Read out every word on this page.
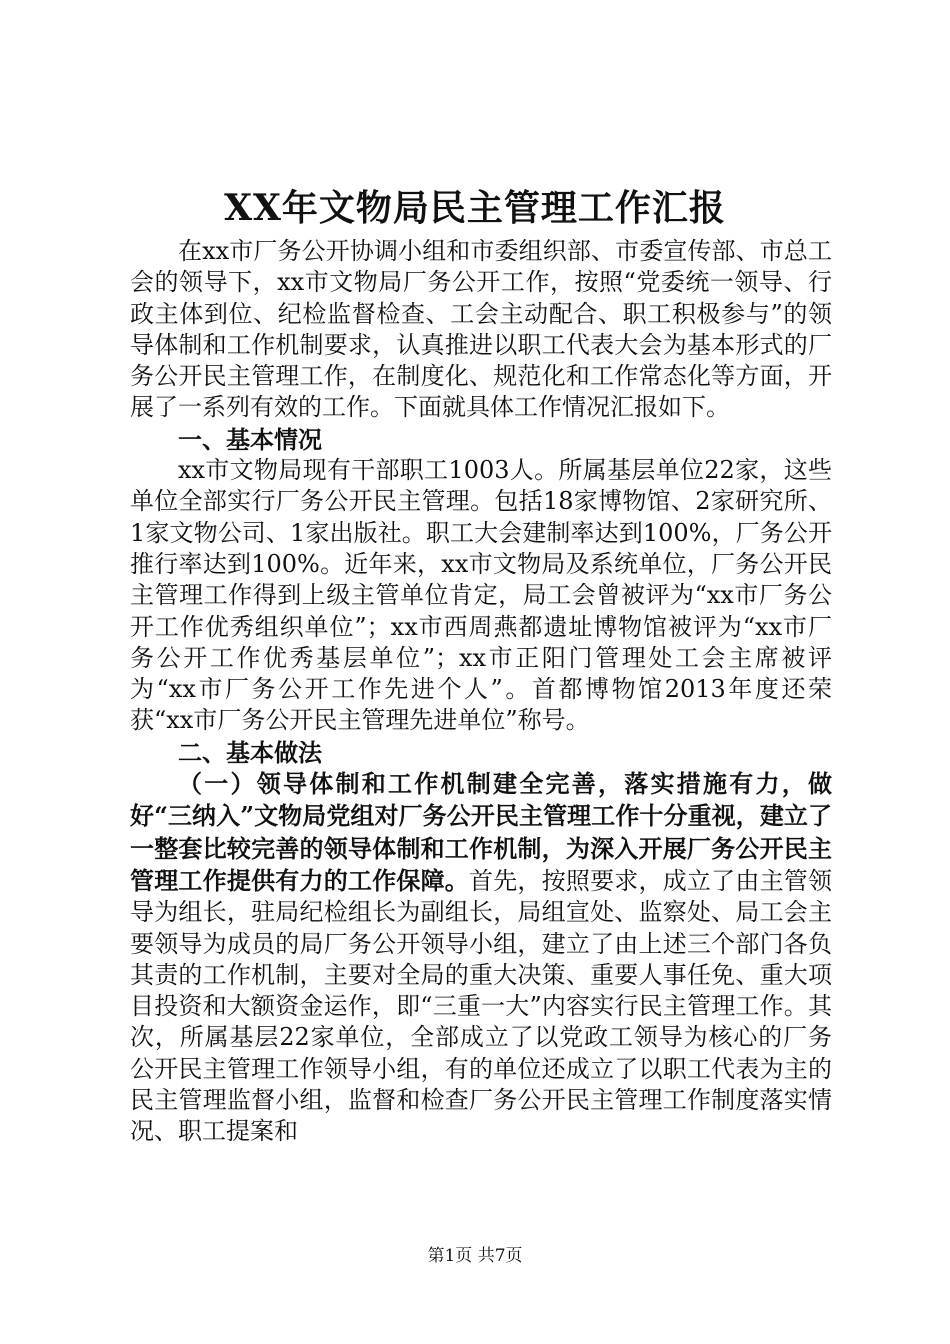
XX年文物局民主管理工作汇报

在xx市厂务公开协调小组和市委组织部、市委宣传部、市总工会的领导下，xx市文物局厂务公开工作，按照“党委统一领导、行政主体到位、纪检监督检查、工会主动配合、职工积极参与”的领导体制和工作机制要求，认真推进以职工代表大会为基本形式的厂务公开民主管理工作，在制度化、规范化和工作常态化等方面，开展了一系列有效的工作。下面就具体工作情况汇报如下。

一、基本情况

xx市文物局现有干部职工1003人。所属基层单位22家，这些单位全部实行厂务公开民主管理。包括18家博物馆、2家研究所、1家文物公司、1家出版社。职工大会建制率达到100%，厂务公开推行率达到100%。近年来，xx市文物局及系统单位，厂务公开民主管理工作得到上级主管单位肯定，局工会曾被评为“xx市厂务公开工作优秀组织单位”；xx市西周燕都遗址博物馆被评为“xx市厂务公开工作优秀基层单位”；xx市正阳门管理处工会主席被评为“xx市厂务公开工作先进个人”。首都博物馆2013年度还荣获“xx市厂务公开民主管理先进单位”称号。

二、基本做法

（一）领导体制和工作机制建全完善，落实措施有力，做好“三纳入”文物局党组对厂务公开民主管理工作十分重视，建立了一整套比较完善的领导体制和工作机制，为深入开展厂务公开民主管理工作提供有力的工作保障。首先，按照要求，成立了由主管领导为组长，驻局纪检组长为副组长，局组宣处、监察处、局工会主要领导为成员的局厂务公开领导小组，建立了由上述三个部门各负其责的工作机制，主要对全局的重大决策、重要人事任免、重大项目投资和大额资金运作，即“三重一大”内容实行民主管理工作。其次，所属基层22家单位，全部成立了以党政工领导为核心的厂务公开民主管理工作领导小组，有的单位还成立了以职工代表为主的民主管理监督小组，监督和检查厂务公开民主管理工作制度落实情况、职工提案和

第1页 共7页
